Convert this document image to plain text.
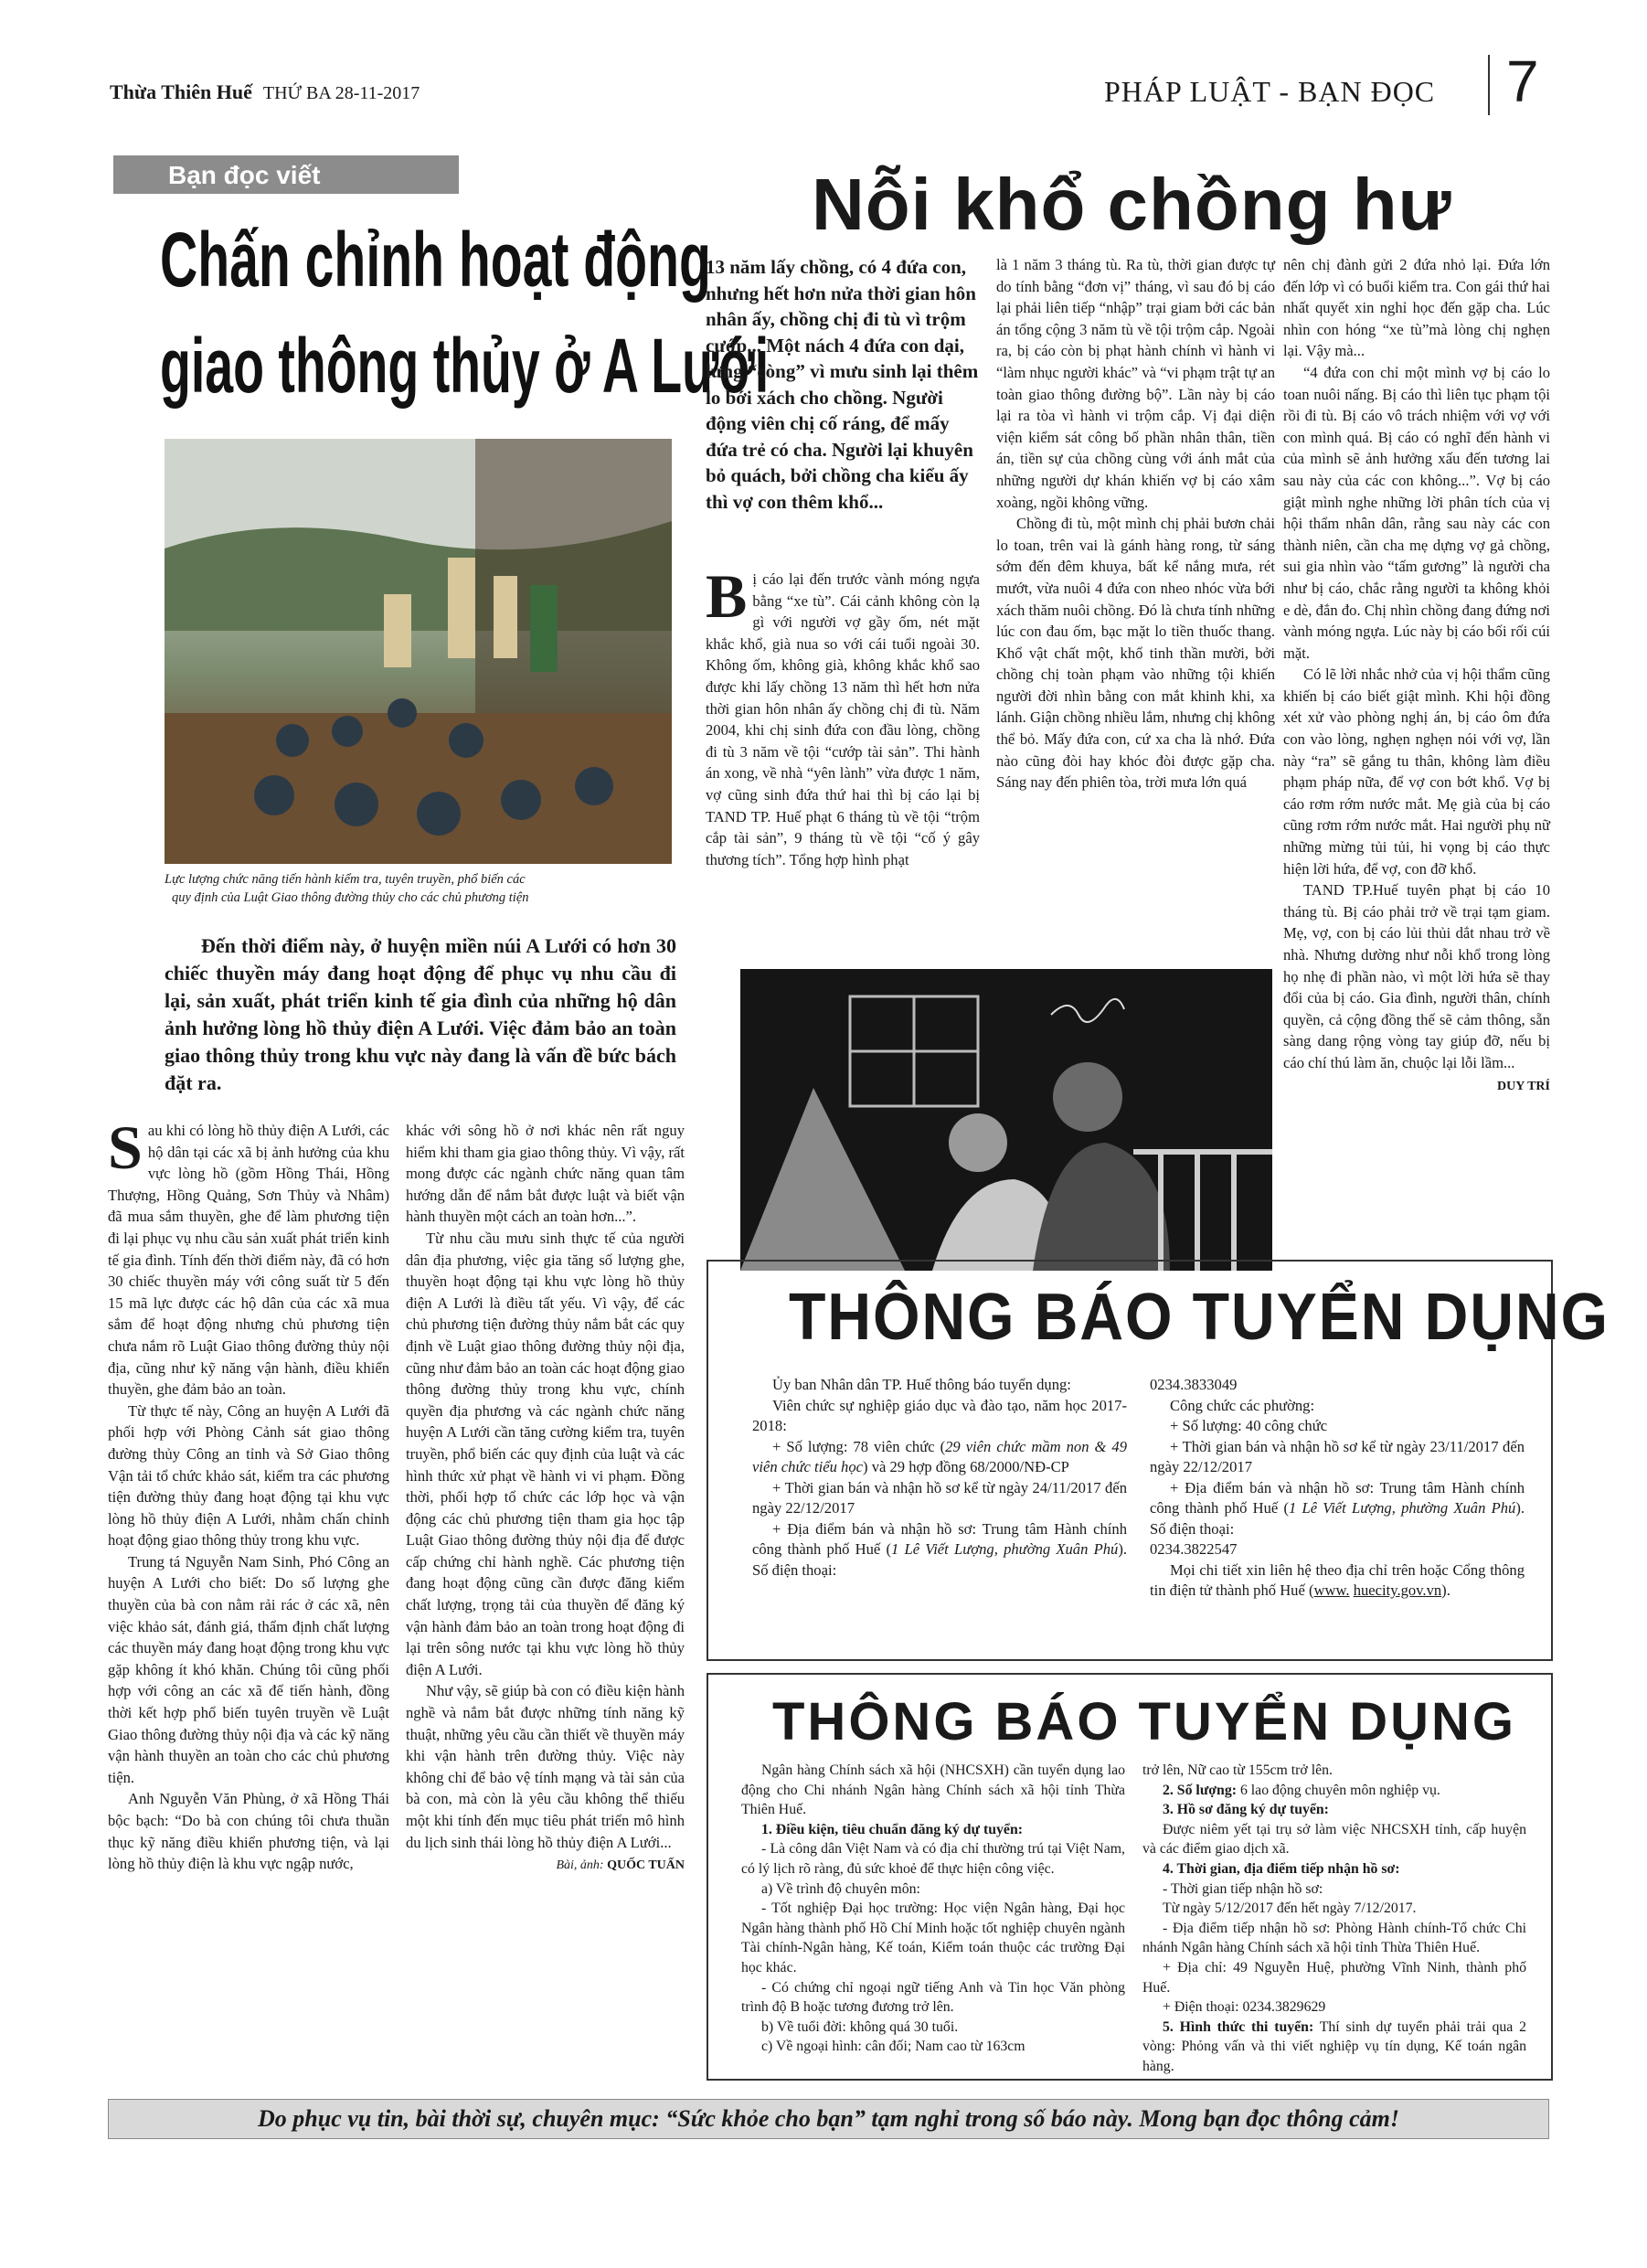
Thừa Thiên Huế THỨ BA 28-11-2017	PHÁP LUẬT - BẠN ĐỌC 7
Bạn đọc viết
Chấn chỉnh hoạt động
giao thông thủy ở A Lưới
Lực lượng chức năng tiến hành kiểm tra, tuyên truyền, phổ biến các
quy định của Luật Giao thông đường thủy cho các chủ phương tiện
Đến thời điểm này, ở huyện miền núi A Lưới có hơn 30 chiếc thuyền máy đang hoạt động để phục vụ nhu cầu đi lại, sản xuất, phát triển kinh tế gia đình của những hộ dân ảnh hưởng lòng hồ thủy điện A Lưới. Việc đảm bảo an toàn giao thông thủy trong khu vực này đang là vấn đề bức bách đặt ra.

Sau khi có lòng hồ thủy điện A Lưới, các hộ dân tại các xã bị ảnh hưởng của khu vực lòng hồ (gồm Hồng Thái, Hồng Thượng, Hồng Quảng, Sơn Thủy và Nhâm) đã mua sắm thuyền, ghe để làm phương tiện đi lại phục vụ nhu cầu sản xuất phát triển kinh tế gia đình. Tính đến thời điểm này, đã có hơn 30 chiếc thuyền máy với công suất từ 5 đến 15 mã lực được các hộ dân của các xã mua sắm để hoạt động nhưng chủ phương tiện chưa nắm rõ Luật Giao thông đường thủy nội địa, cũng như kỹ năng vận hành, điều khiển thuyền, ghe đảm bảo an toàn.

Từ thực tế này, Công an huyện A Lưới đã phối hợp với Phòng Cảnh sát giao thông đường thủy Công an tỉnh và Sở Giao thông Vận tải tổ chức khảo sát, kiểm tra các phương tiện đường thủy đang hoạt động tại khu vực lòng hồ thủy điện A Lưới, nhằm chấn chỉnh hoạt động giao thông thủy trong khu vực.

Trung tá Nguyễn Nam Sinh, Phó Công an huyện A Lưới cho biết: Do số lượng ghe thuyền của bà con nằm rải rác ở các xã, nên việc khảo sát, đánh giá, thẩm định chất lượng các thuyền máy đang hoạt động trong khu vực gặp không ít khó khăn. Chúng tôi cũng phối hợp với công an các xã để tiến hành, đồng thời kết hợp phổ biến tuyên truyền về Luật Giao thông đường thủy nội địa và các kỹ năng vận hành thuyền an toàn cho các chủ phương tiện.

Anh Nguyễn Văn Phùng, ở xã Hồng Thái bộc bạch: “Do bà con chúng tôi chưa thuần thục kỹ năng điều khiển phương tiện, và lại lòng hồ thủy điện là khu vực ngập nước,

khác với sông hồ ở nơi khác nên rất nguy hiểm khi tham gia giao thông thủy. Vì vậy, rất mong được các ngành chức năng quan tâm hướng dẫn để nắm bắt được luật và biết vận hành thuyền một cách an toàn hơn...”.

Từ nhu cầu mưu sinh thực tế của người dân địa phương, việc gia tăng số lượng ghe, thuyền hoạt động tại khu vực lòng hồ thủy điện A Lưới là điều tất yếu. Vì vậy, để các chủ phương tiện đường thủy nắm bắt các quy định về Luật giao thông đường thủy nội địa, cũng như đảm bảo an toàn các hoạt động giao thông đường thủy trong khu vực, chính quyền địa phương và các ngành chức năng huyện A Lưới cần tăng cường kiểm tra, tuyên truyền, phổ biến các quy định của luật và các hình thức xử phạt về hành vi vi phạm. Đồng thời, phối hợp tổ chức các lớp học và vận động các chủ phương tiện tham gia học tập Luật Giao thông đường thủy nội địa để được cấp chứng chỉ hành nghề. Các phương tiện đang hoạt động cũng cần được đăng kiểm chất lượng, trọng tải của thuyền để đăng ký vận hành đảm bảo an toàn trong hoạt động đi lại trên sông nước tại khu vực lòng hồ thủy điện A Lưới.

Như vậy, sẽ giúp bà con có điều kiện hành nghề và nắm bắt được những tính năng kỹ thuật, những yêu cầu cần thiết về thuyền máy khi vận hành trên đường thủy. Việc này không chỉ để bảo vệ tính mạng và tài sản của bà con, mà còn là yêu cầu không thể thiếu một khi tính đến mục tiêu phát triển mô hình du lịch sinh thái lòng hồ thủy điện A Lưới...

Bài, ảnh: QUỐC TUẤN
Nỗi khổ chồng hư
13 năm lấy chồng, có 4 đứa con, nhưng hết hơn nửa thời gian hôn nhân ấy, chồng chị đi tù vì trộm cướp... Một nách 4 đứa con dại, lưng “còng” vì mưu sinh lại thêm lo bới xách cho chồng. Người động viên chị cố ráng, để mấy đứa trẻ có cha. Người lại khuyên bỏ quách, bởi chồng cha kiểu ấy thì vợ con thêm khổ...

Bị cáo lại đến trước vành móng ngựa bằng “xe tù”. Cái cảnh không còn lạ gì với người vợ gầy ốm, nét mặt khắc khổ, già nua so với cái tuổi ngoài 30. Không ốm, không già, không khắc khổ sao được khi lấy chồng 13 năm thì hết hơn nửa thời gian hôn nhân ấy chồng chị đi tù. Năm 2004, khi chị sinh đứa con đầu lòng, chồng đi tù 3 năm về tội “cướp tài sản”. Thi hành án xong, về nhà “yên lành” vừa được 1 năm, vợ cũng sinh đứa thứ hai thì bị cáo lại bị TAND TP. Huế phạt 6 tháng tù về tội “trộm cắp tài sản”, 9 tháng tù về tội “cố ý gây thương tích”. Tổng hợp hình phạt

là 1 năm 3 tháng tù. Ra tù, thời gian được tự do tính bằng “đơn vị” tháng, vì sau đó bị cáo lại phải liên tiếp “nhập” trại giam bởi các bản án tổng cộng 3 năm tù về tội trộm cắp. Ngoài ra, bị cáo còn bị phạt hành chính vì hành vi “làm nhục người khác” và “vi phạm trật tự an toàn giao thông đường bộ”. Lần này bị cáo lại ra tòa vì hành vi trộm cắp. Vị đại diện viện kiểm sát công bố phần nhân thân, tiền án, tiền sự của chồng cùng với ánh mắt của những người dự khán khiến vợ bị cáo xâm xoàng, ngồi không vững.

Chồng đi tù, một mình chị phải bươn chải lo toan, trên vai là gánh hàng rong, từ sáng sớm đến đêm khuya, bất kể nắng mưa, rét mướt, vừa nuôi 4 đứa con nheo nhóc vừa bới xách thăm nuôi chồng. Đó là chưa tính những lúc con đau ốm, bạc mặt lo tiền thuốc thang. Khổ vật chất một, khổ tinh thần mười, bởi chồng chị toàn phạm vào những tội khiến người đời nhìn bằng con mắt khinh khi, xa lánh. Giận chồng nhiều lắm, nhưng chị không thể bỏ. Mấy đứa con, cứ xa cha là nhớ. Đứa nào cũng đòi hay khóc đòi được gặp cha. Sáng nay đến phiên tòa, trời mưa lớn quá

nên chị đành gửi 2 đứa nhỏ lại. Đứa lớn đến lớp vì có buổi kiểm tra. Con gái thứ hai nhất quyết xin nghỉ học đến gặp cha. Lúc nhìn con hóng “xe tù”mà lòng chị nghẹn lại. Vậy mà...

“4 đứa con chỉ một mình vợ bị cáo lo toan nuôi nấng. Bị cáo thì liên tục phạm tội rồi đi tù. Bị cáo vô trách nhiệm với vợ với con mình quá. Bị cáo có nghĩ đến hành vi của mình sẽ ảnh hưởng xấu đến tương lai sau này của các con không...”. Vợ bị cáo giật mình nghe những lời phân tích của vị hội thẩm nhân dân, rằng sau này các con thành niên, cần cha mẹ dựng vợ gả chồng, sui gia nhìn vào “tấm gương” là người cha như bị cáo, chắc rằng người ta không khỏi e dè, đắn đo. Chị nhìn chồng đang đứng nơi vành móng ngựa. Lúc này bị cáo bối rối cúi mặt.

Có lẽ lời nhắc nhở của vị hội thẩm cũng khiến bị cáo biết giật mình. Khi hội đồng xét xử vào phòng nghị án, bị cáo ôm đứa con vào lòng, nghẹn nghẹn nói với vợ, lần này “ra” sẽ gắng tu thân, không làm điều phạm pháp nữa, để vợ con bớt khổ. Vợ bị cáo rơm rớm nước mắt. Mẹ già của bị cáo cũng rơm rớm nước mắt. Hai người phụ nữ những mừng tủi tủi, hi vọng bị cáo thực hiện lời hứa, để vợ, con đỡ khổ.

TAND TP.Huế tuyên phạt bị cáo 10 tháng tù. Bị cáo phải trở về trại tạm giam. Mẹ, vợ, con bị cáo lủi thủi dắt nhau trở về nhà. Nhưng dường như nỗi khổ trong lòng họ nhẹ đi phần nào, vì một lời hứa sẽ thay đổi của bị cáo. Gia đình, người thân, chính quyền, cả cộng đồng thế sẽ cảm thông, sẵn sàng dang rộng vòng tay giúp đỡ, nếu bị cáo chí thú làm ăn, chuộc lại lỗi lầm...

DUY TRÍ
THÔNG BÁO TUYỂN DỤNG

Ủy ban Nhân dân TP. Huế thông báo tuyển dụng:

Viên chức sự nghiệp giáo dục và đào tạo, năm học 2017-2018:

+ Số lượng: 78 viên chức (29 viên chức mầm non & 49 viên chức tiểu học) và 29 hợp đồng 68/2000/NĐ-CP

+ Thời gian bán và nhận hồ sơ kể từ ngày 24/11/2017 đến ngày 22/12/2017

+ Địa điểm bán và nhận hồ sơ: Trung tâm Hành chính công thành phố Huế (1 Lê Viết Lượng, phường Xuân Phú). Số điện thoại:

0234.3833049

Công chức các phường:

+ Số lượng: 40 công chức

+ Thời gian bán và nhận hồ sơ kể từ ngày 23/11/2017 đến ngày 22/12/2017

+ Địa điểm bán và nhận hồ sơ: Trung tâm Hành chính công thành phố Huế (1 Lê Viết Lượng, phường Xuân Phú). Số điện thoại:

0234.3822547

Mọi chi tiết xin liên hệ theo địa chỉ trên hoặc Cổng thông tin điện tử thành phố Huế (www. huecity.gov.vn).

THÔNG BÁO TUYỂN DỤNG

Ngân hàng Chính sách xã hội (NHCSXH) cần tuyển dụng lao động cho Chi nhánh Ngân hàng Chính sách xã hội tỉnh Thừa Thiên Huế.

1. Điều kiện, tiêu chuẩn đăng ký dự tuyển:

- Là công dân Việt Nam và có địa chỉ thường trú tại Việt Nam, có lý lịch rõ ràng, đủ sức khoẻ để thực hiện công việc.

a) Về trình độ chuyên môn:

- Tốt nghiệp Đại học trường: Học viện Ngân hàng, Đại học Ngân hàng thành phố Hồ Chí Minh hoặc tốt nghiệp chuyên ngành Tài chính-Ngân hàng, Kế toán, Kiểm toán thuộc các trường Đại học khác.

- Có chứng chỉ ngoại ngữ tiếng Anh và Tin học Văn phòng trình độ B hoặc tương đương trở lên.

b) Về tuổi đời: không quá 30 tuổi.

c) Về ngoại hình: cân đối; Nam cao từ 163cm

trở lên, Nữ cao từ 155cm trở lên.

2. Số lượng: 6 lao động chuyên môn nghiệp vụ.

3. Hồ sơ đăng ký dự tuyển:

Được niêm yết tại trụ sở làm việc NHCSXH tỉnh, cấp huyện và các điểm giao dịch xã.

4. Thời gian, địa điểm tiếp nhận hồ sơ:

- Thời gian tiếp nhận hồ sơ:

Từ ngày 5/12/2017 đến hết ngày 7/12/2017.

- Địa điểm tiếp nhận hồ sơ: Phòng Hành chính-Tổ chức Chi nhánh Ngân hàng Chính sách xã hội tỉnh Thừa Thiên Huế.

+ Địa chỉ: 49 Nguyễn Huệ, phường Vĩnh Ninh, thành phố Huế.

+ Điện thoại: 0234.3829629

5. Hình thức thi tuyển: Thí sinh dự tuyển phải trải qua 2 vòng: Phỏng vấn và thi viết nghiệp vụ tín dụng, Kế toán ngân hàng.

Do phục vụ tin, bài thời sự, chuyên mục: “Sức khỏe cho bạn” tạm nghỉ trong số báo này. Mong bạn đọc thông cảm!
